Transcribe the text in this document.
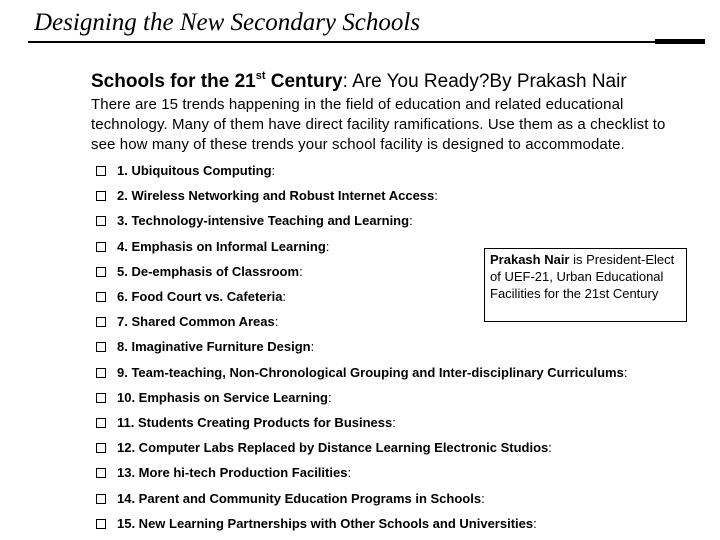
Designing the New Secondary Schools
Schools for the 21st Century: Are You Ready?By Prakash Nair

There are 15 trends happening in the field of education and related educational technology. Many of them have direct facility ramifications. Use them as a checklist to see how many of these trends your school facility is designed to accommodate.

1. Ubiquitous Computing:
2. Wireless Networking and Robust Internet Access:
3. Technology-intensive Teaching and Learning:
4. Emphasis on Informal Learning:
5. De-emphasis of Classroom:
6. Food Court vs. Cafeteria:
7. Shared Common Areas:
8. Imaginative Furniture Design:
9. Team-teaching, Non-Chronological Grouping and Inter-disciplinary Curriculums:
10. Emphasis on Service Learning:
11. Students Creating Products for Business:
12. Computer Labs Replaced by Distance Learning Electronic Studios:
13. More hi-tech Production Facilities:
14. Parent and Community Education Programs in Schools:
15. New Learning Partnerships with Other Schools and Universities:
Prakash Nair is President-Elect of UEF-21, Urban Educational Facilities for the 21st Century
